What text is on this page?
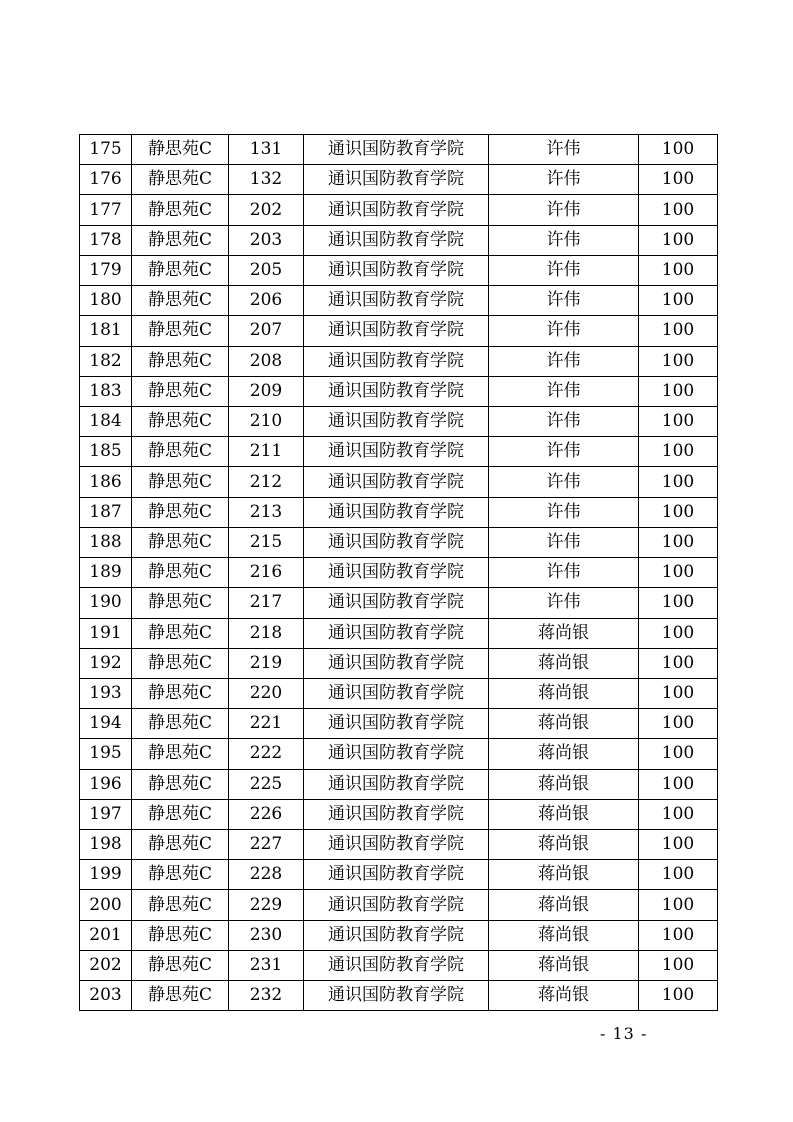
175	静思苑C	131	通识国防教育学院	许伟	100
176	静思苑C	132	通识国防教育学院	许伟	100
177	静思苑C	202	通识国防教育学院	许伟	100
178	静思苑C	203	通识国防教育学院	许伟	100
179	静思苑C	205	通识国防教育学院	许伟	100
180	静思苑C	206	通识国防教育学院	许伟	100
181	静思苑C	207	通识国防教育学院	许伟	100
182	静思苑C	208	通识国防教育学院	许伟	100
183	静思苑C	209	通识国防教育学院	许伟	100
184	静思苑C	210	通识国防教育学院	许伟	100
185	静思苑C	211	通识国防教育学院	许伟	100
186	静思苑C	212	通识国防教育学院	许伟	100
187	静思苑C	213	通识国防教育学院	许伟	100
188	静思苑C	215	通识国防教育学院	许伟	100
189	静思苑C	216	通识国防教育学院	许伟	100
190	静思苑C	217	通识国防教育学院	许伟	100
191	静思苑C	218	通识国防教育学院	蒋尚银	100
192	静思苑C	219	通识国防教育学院	蒋尚银	100
193	静思苑C	220	通识国防教育学院	蒋尚银	100
194	静思苑C	221	通识国防教育学院	蒋尚银	100
195	静思苑C	222	通识国防教育学院	蒋尚银	100
196	静思苑C	225	通识国防教育学院	蒋尚银	100
197	静思苑C	226	通识国防教育学院	蒋尚银	100
198	静思苑C	227	通识国防教育学院	蒋尚银	100
199	静思苑C	228	通识国防教育学院	蒋尚银	100
200	静思苑C	229	通识国防教育学院	蒋尚银	100
201	静思苑C	230	通识国防教育学院	蒋尚银	100
202	静思苑C	231	通识国防教育学院	蒋尚银	100
203	静思苑C	232	通识国防教育学院	蒋尚银	100
- 13 -
